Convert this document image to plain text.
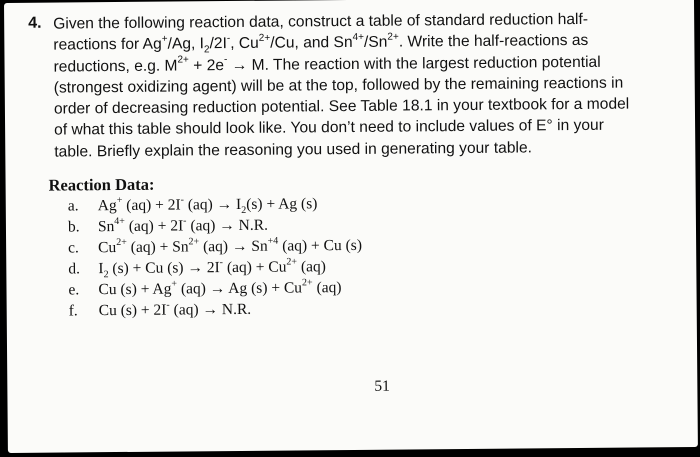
4. Given the following reaction data, construct a table of standard reduction half-
reactions for Ag+/Ag, $I_2/2I^-$, $Cu^{2+}/Cu$, and $Sn^{4+}/Sn^{2+}$. Write the half-reactions as
reductions, e.g. $M^{2+} + 2e^- \to M$. The reaction with the largest reduction potential
(strongest oxidizing agent) will be at the top, followed by the remaining reactions in
order of decreasing reduction potential. See Table 18.1 in your textbook for a model
of what this table should look like. You don’t need to include values of E° in your
table. Briefly explain the reasoning you used in generating your table.
Reaction Data:
a.	Ag+ (aq) + 2I- $(aq) \to I_2(s) + Ag$ (s)
b.	$Sn^{4+}$ (aq) + 2I- (aq) → N.R.
c.	$Cu^{2+}$ $(aq) + Sn^{2+}$ $(aq) \to Sn^{+4}$ (aq) + Cu (s)
d.	$I_2$ (s) + Cu (s) → 2I- $(aq) + Cu^{2+}$ (aq)
e.	Cu (s) + Ag+ (aq) → Ag $(s) + Cu^{2+}$ (aq)
f.	Cu (s) + 2I- (aq) → N.R.
51
